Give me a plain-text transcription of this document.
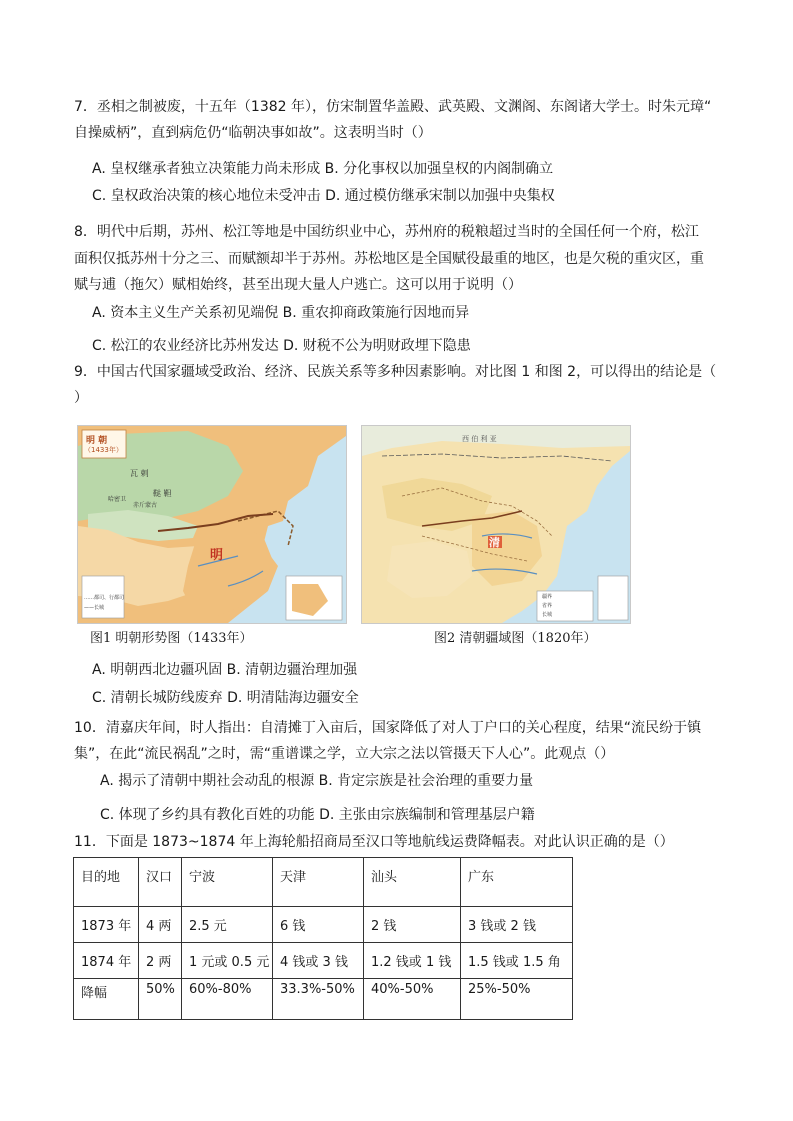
7．丞相之制被废，十五年（1382 年），仿宋制置华盖殿、武英殿、文渊阁、东阁诸大学士。时朱元璋“
自操威柄”，直到病危仍“临朝决事如故”。这表明当时（）
A. 皇权继承者独立决策能力尚未形成 B. 分化事权以加强皇权的内阁制确立
C. 皇权政治决策的核心地位未受冲击 D. 通过模仿继承宋制以加强中央集权
8．明代中后期，苏州、松江等地是中国纺织业中心，苏州府的税粮超过当时的全国任何一个府，松江
面积仅抵苏州十分之三、而赋额却半于苏州。苏松地区是全国赋役最重的地区，也是欠税的重灾区，重
赋与逋（拖欠）赋相始终，甚至出现大量人户逃亡。这可以用于说明（）
A. 资本主义生产关系初见端倪 B. 重农抑商政策施行因地而异
C. 松江的农业经济比苏州发达 D. 财税不公为明财政埋下隐患
9．中国古代国家疆域受政治、经济、民族关系等多种因素影响。对比图 1 和图 2，可以得出的结论是（
）
明 朝
（1433年）
瓦 剌
鞑 靼
哈密卫
赤斤蒙古
明
……都司、行都司
——长城
图1 明朝形势图（1433年）
西 伯 利 亚
清
疆界
省界
长城
图2 清朝疆域图（1820年）
A. 明朝西北边疆巩固 B. 清朝边疆治理加强
C. 清朝长城防线废弃 D. 明清陆海边疆安全
10．清嘉庆年间，时人指出：自清摊丁入亩后，国家降低了对人丁户口的关心程度，结果“流民纷于镇
集”，在此“流民祸乱”之时，需“重谱谍之学，立大宗之法以管摄天下人心”。此观点（）
A. 揭示了清朝中期社会动乱的根源 B. 肯定宗族是社会治理的重要力量
C. 体现了乡约具有教化百姓的功能 D. 主张由宗族编制和管理基层户籍
11．下面是 1873~1874 年上海轮船招商局至汉口等地航线运费降幅表。对此认识正确的是（）
目的地	汉口	宁波	天津	汕头	广东
1873 年	4 两	2.5 元	6 钱	2 钱	3 钱或 2 钱
1874 年	2 两	1 元或 0.5 元	4 钱或 3 钱	1.2 钱或 1 钱	1.5 钱或 1.5 角
降幅	50%	60%-80%	33.3%-50%	40%-50%	25%-50%
